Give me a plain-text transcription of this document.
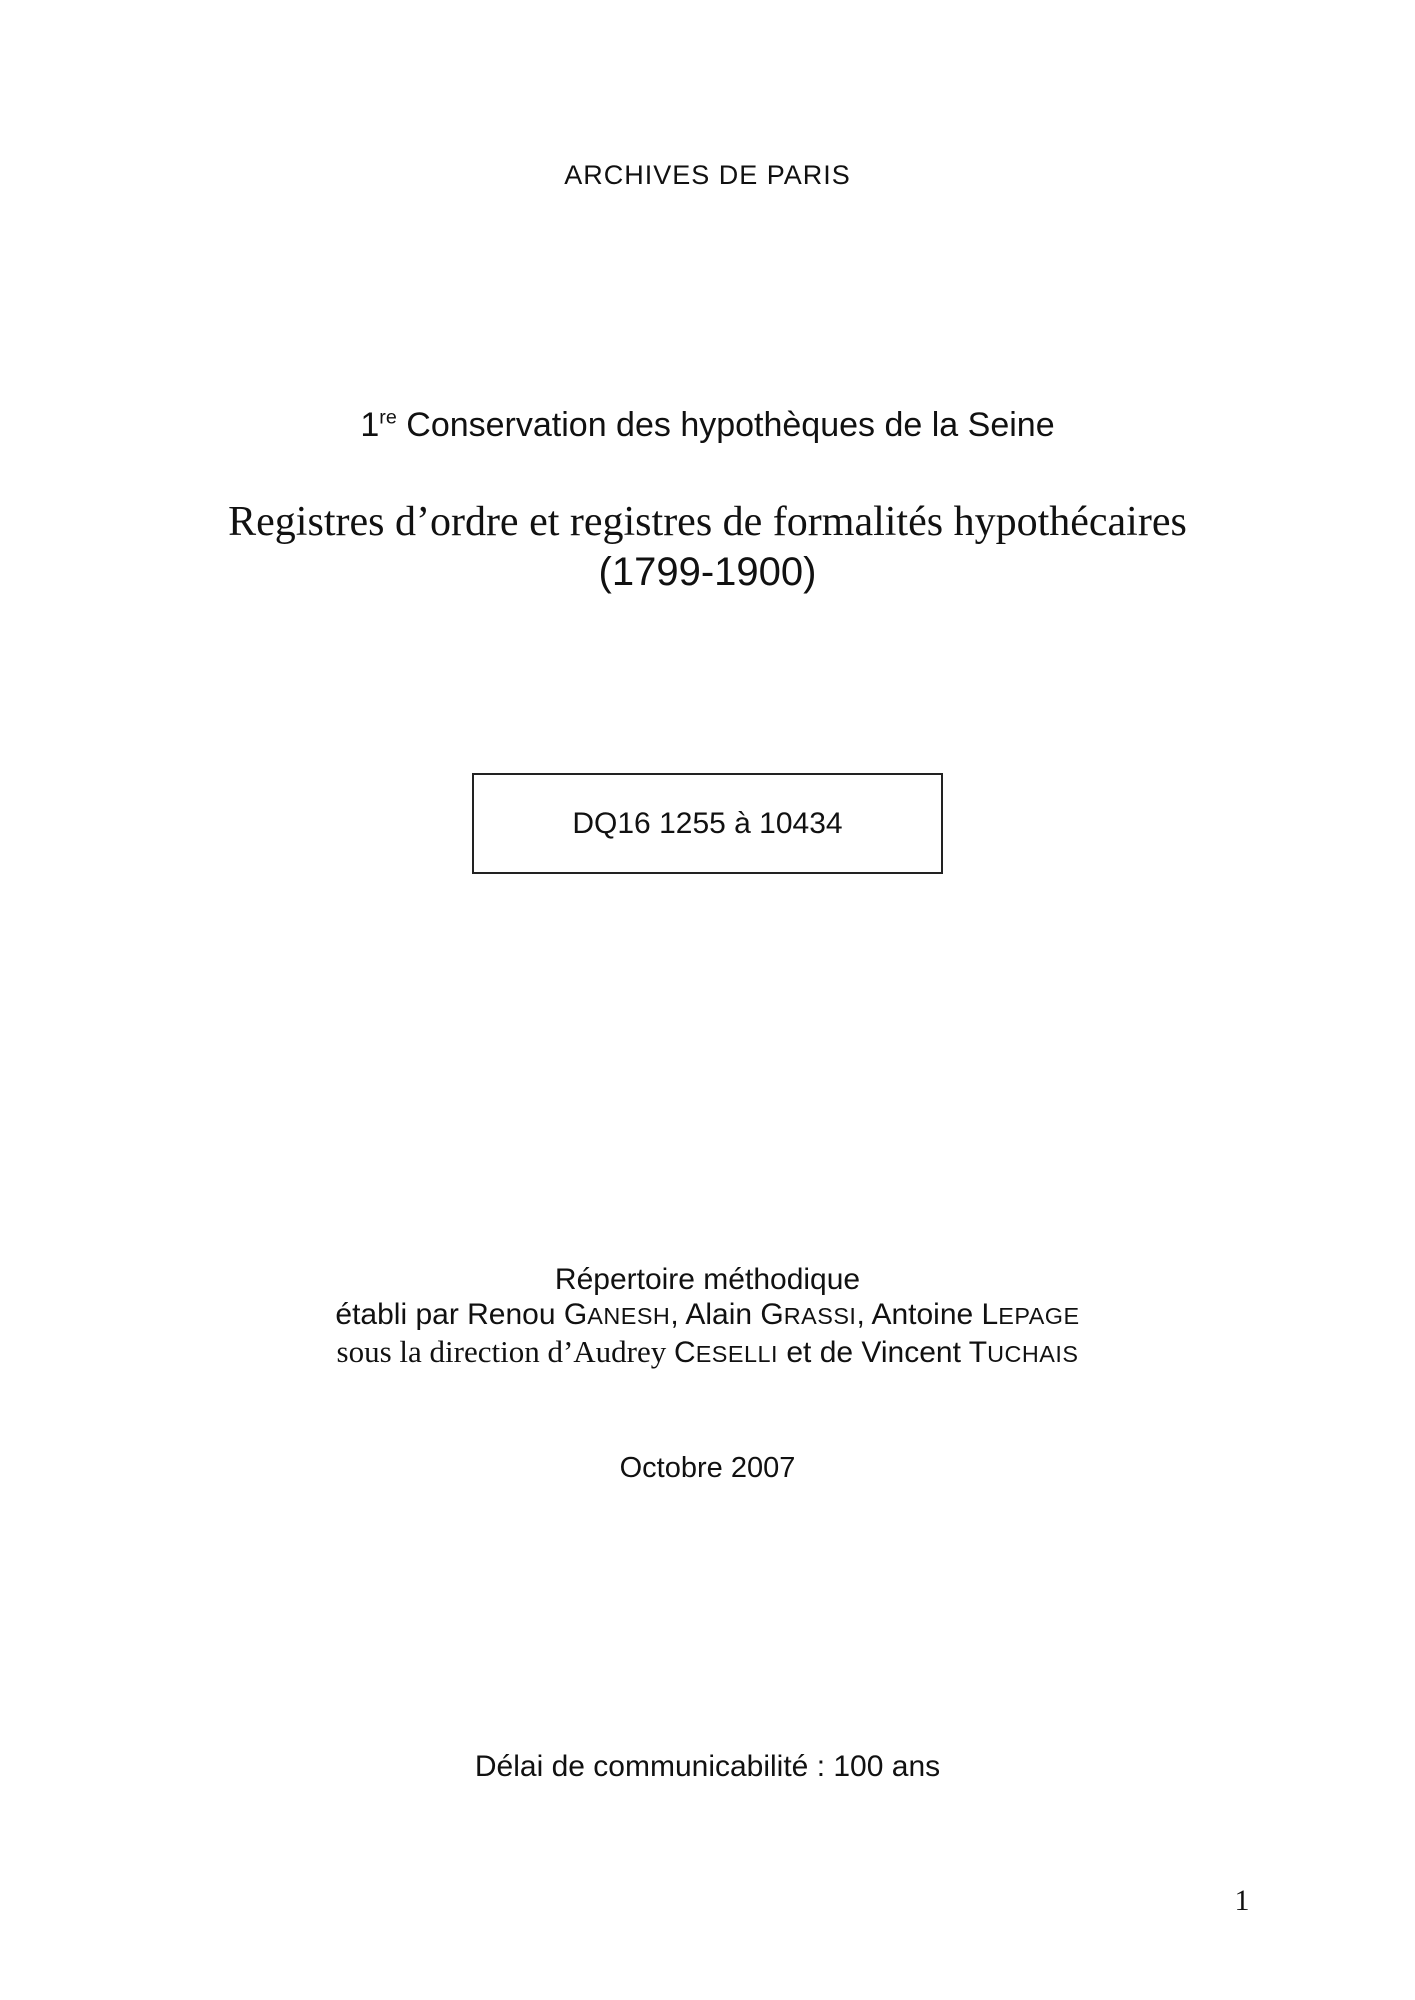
ARCHIVES DE PARIS
1re Conservation des hypothèques de la Seine
Registres d’ordre et registres de formalités hypothécaires
(1799-1900)
DQ16 1255 à 10434
Répertoire méthodique
établi par Renou GANESH, Alain GRASSI, Antoine LEPAGE
sous la direction d’Audrey CESELLI et de Vincent TUCHAIS
Octobre 2007
Délai de communicabilité : 100 ans
1
